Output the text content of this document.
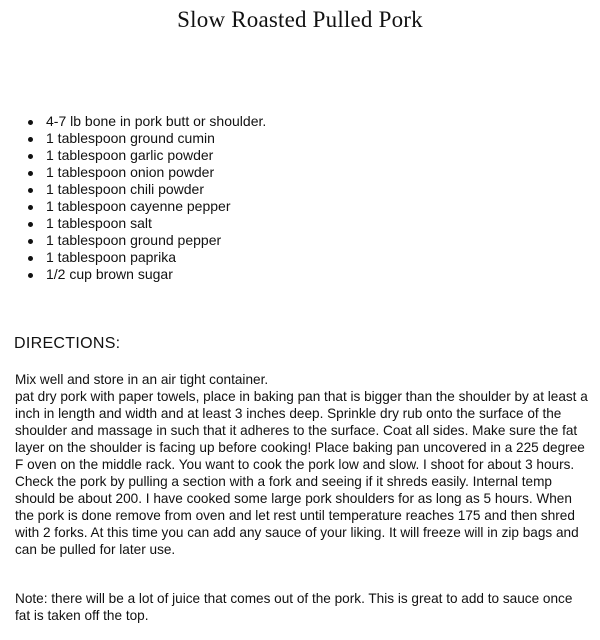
Slow Roasted Pulled Pork
4-7 lb bone in pork butt or shoulder.
1 tablespoon ground cumin
1 tablespoon garlic powder
1 tablespoon onion powder
1 tablespoon chili powder
1 tablespoon cayenne pepper
1 tablespoon salt
1 tablespoon ground pepper
1 tablespoon paprika
1/2 cup brown sugar
DIRECTIONS:

Mix well and store in an air tight container.

pat dry pork with paper towels, place in baking pan that is bigger than the shoulder by at least a inch in length and width and at least 3 inches deep. Sprinkle dry rub onto the surface of the shoulder and massage in such that it adheres to the surface. Coat all sides. Make sure the fat layer on the shoulder is facing up before cooking! Place baking pan uncovered in a 225 degree F oven on the middle rack. You want to cook the pork low and slow. I shoot for about 3 hours. Check the pork by pulling a section with a fork and seeing if it shreds easily. Internal temp should be about 200. I have cooked some large pork shoulders for as long as 5 hours. When the pork is done remove from oven and let rest until temperature reaches 175 and then shred with 2 forks. At this time you can add any sauce of your liking. It will freeze will in zip bags and can be pulled for later use.

Note: there will be a lot of juice that comes out of the pork. This is great to add to sauce once fat is taken off the top.
